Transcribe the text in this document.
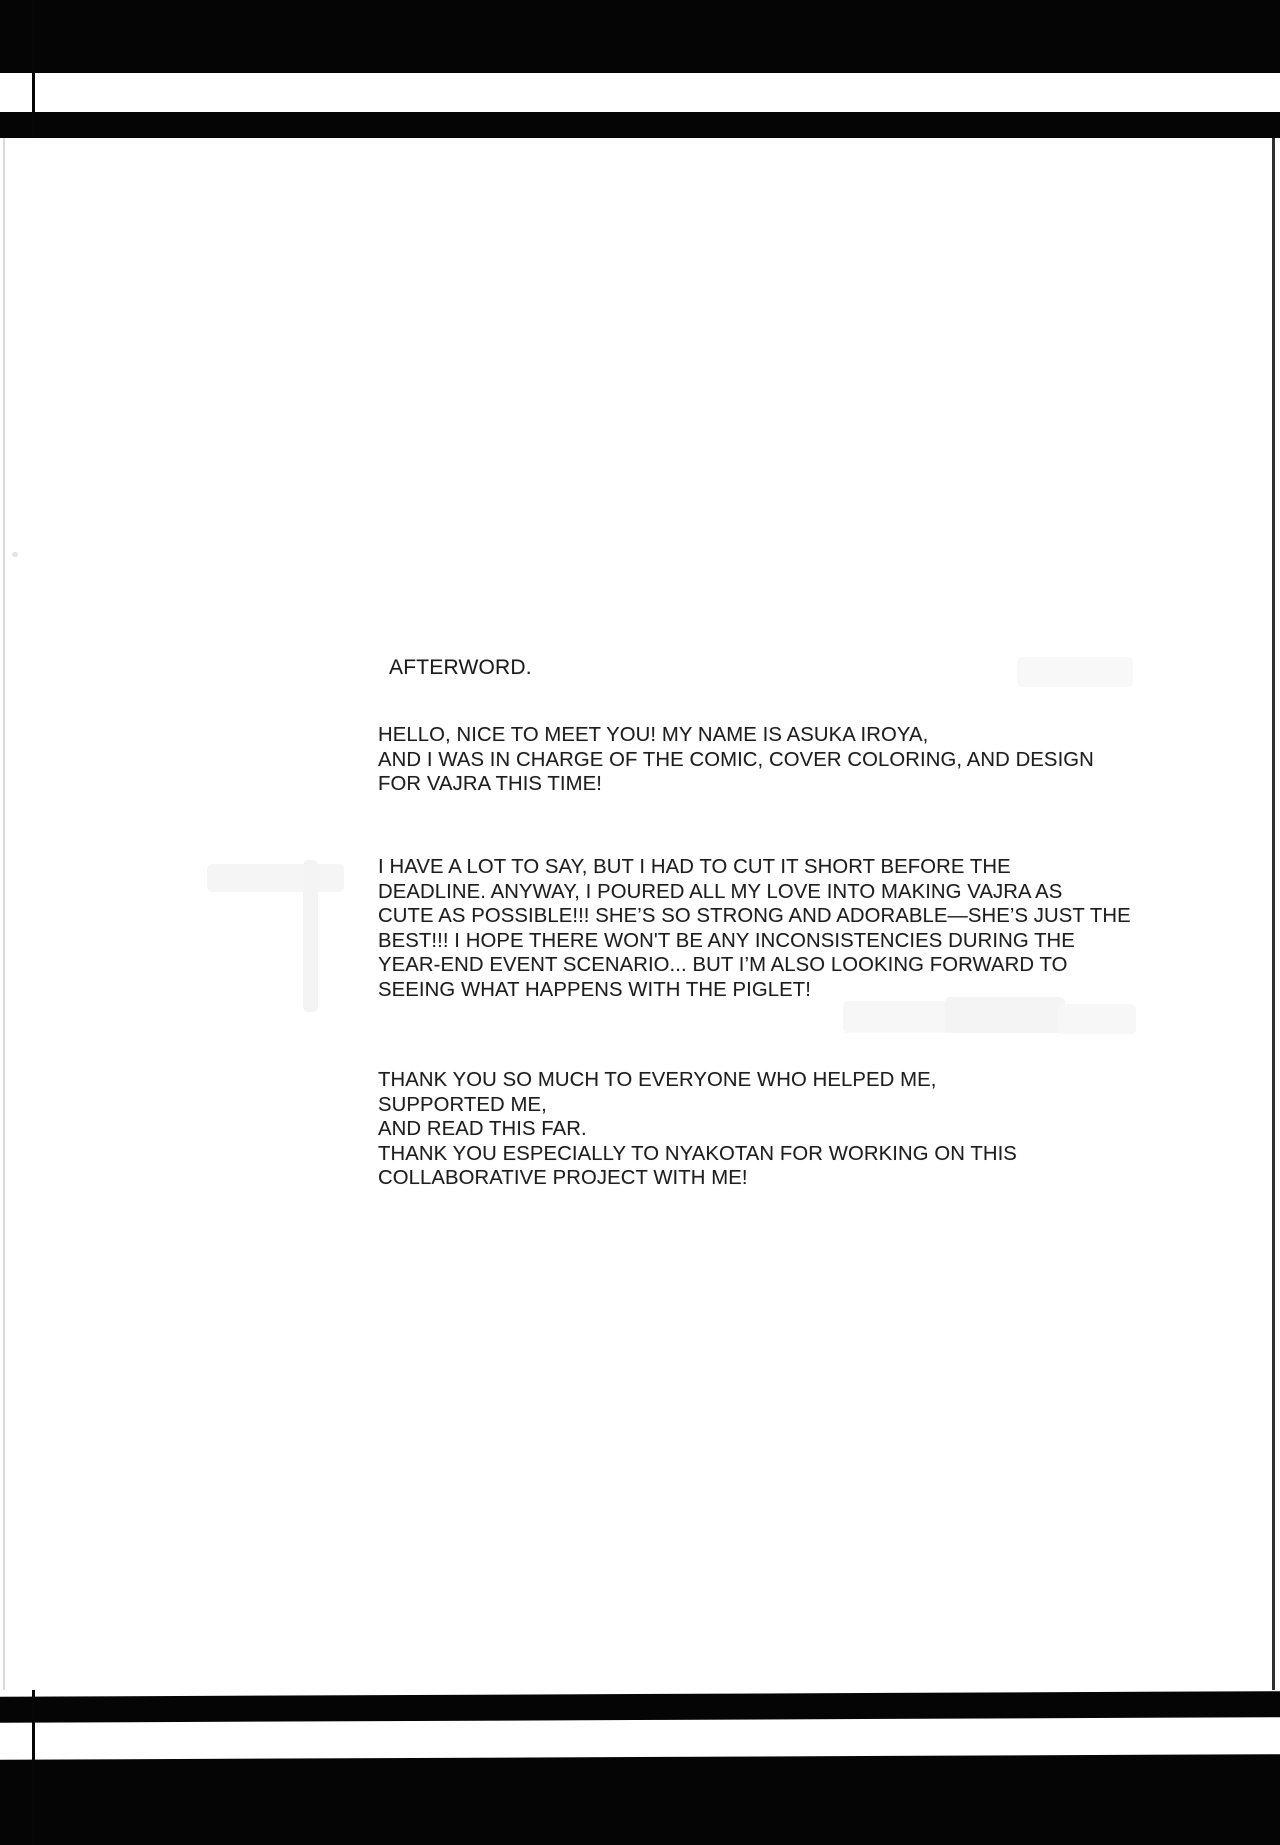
AFTERWORD.
HELLO, NICE TO MEET YOU! MY NAME IS ASUKA IROYA,
AND I WAS IN CHARGE OF THE COMIC, COVER COLORING, AND DESIGN
FOR VAJRA THIS TIME!
I HAVE A LOT TO SAY, BUT I HAD TO CUT IT SHORT BEFORE THE
DEADLINE. ANYWAY, I POURED ALL MY LOVE INTO MAKING VAJRA AS
CUTE AS POSSIBLE!!! SHE’S SO STRONG AND ADORABLE—SHE’S JUST THE
BEST!!! I HOPE THERE WON'T BE ANY INCONSISTENCIES DURING THE
YEAR-END EVENT SCENARIO... BUT I’M ALSO LOOKING FORWARD TO
SEEING WHAT HAPPENS WITH THE PIGLET!
THANK YOU SO MUCH TO EVERYONE WHO HELPED ME,
SUPPORTED ME,
AND READ THIS FAR.
THANK YOU ESPECIALLY TO NYAKOTAN FOR WORKING ON THIS
COLLABORATIVE PROJECT WITH ME!
